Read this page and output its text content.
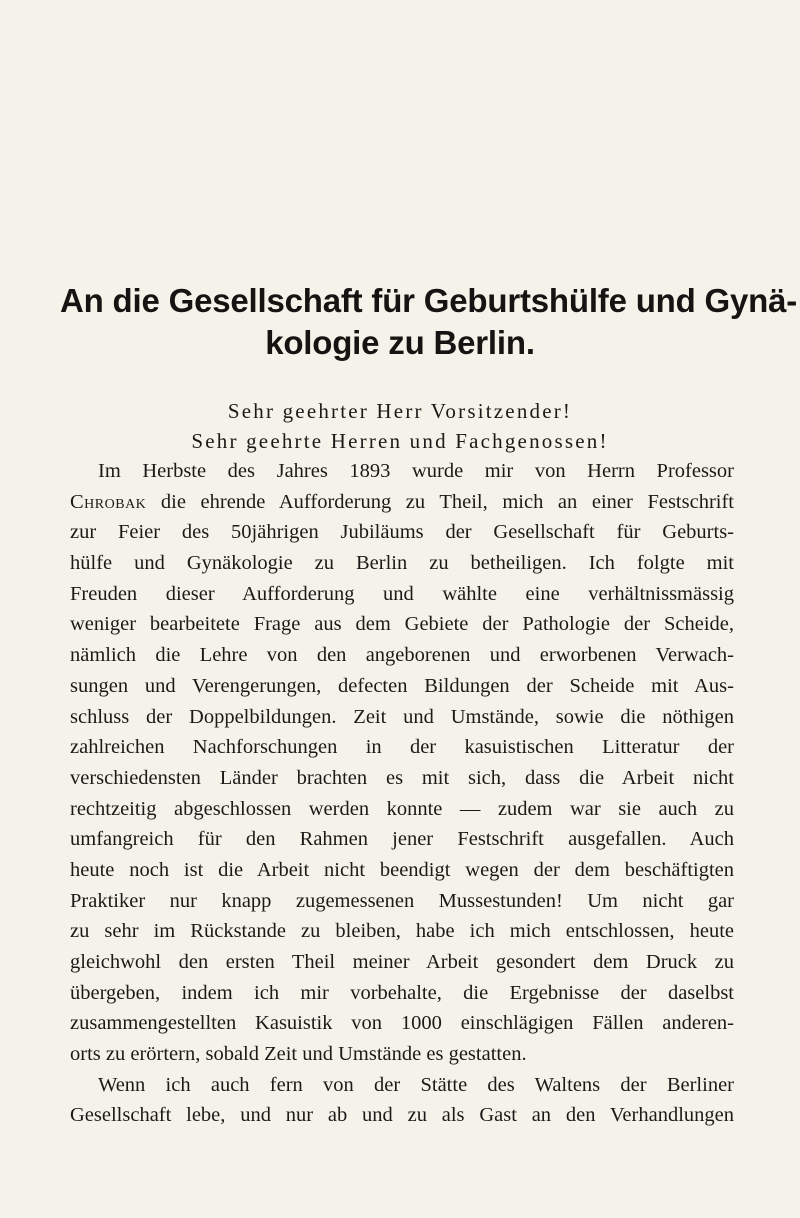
An die Gesellschaft für Geburtshülfe und Gynä-
kologie zu Berlin.
Sehr geehrter Herr Vorsitzender!
Sehr geehrte Herren und Fachgenossen!
Im Herbste des Jahres 1893 wurde mir von Herrn Professor
Chrobak die ehrende Aufforderung zu Theil, mich an einer Festschrift
zur Feier des 50jährigen Jubiläums der Gesellschaft für Geburts-
hülfe und Gynäkologie zu Berlin zu betheiligen. Ich folgte mit
Freuden dieser Aufforderung und wählte eine verhältnissmässig
weniger bearbeitete Frage aus dem Gebiete der Pathologie der Scheide,
nämlich die Lehre von den angeborenen und erworbenen Verwach-
sungen und Verengerungen, defecten Bildungen der Scheide mit Aus-
schluss der Doppelbildungen. Zeit und Umstände, sowie die nöthigen
zahlreichen Nachforschungen in der kasuistischen Litteratur der
verschiedensten Länder brachten es mit sich, dass die Arbeit nicht
rechtzeitig abgeschlossen werden konnte — zudem war sie auch zu
umfangreich für den Rahmen jener Festschrift ausgefallen. Auch
heute noch ist die Arbeit nicht beendigt wegen der dem beschäftigten
Praktiker nur knapp zugemessenen Mussestunden! Um nicht gar
zu sehr im Rückstande zu bleiben, habe ich mich entschlossen, heute
gleichwohl den ersten Theil meiner Arbeit gesondert dem Druck zu
übergeben, indem ich mir vorbehalte, die Ergebnisse der daselbst
zusammengestellten Kasuistik von 1000 einschlägigen Fällen anderen-
orts zu erörtern, sobald Zeit und Umstände es gestatten.
Wenn ich auch fern von der Stätte des Waltens der Berliner
Gesellschaft lebe, und nur ab und zu als Gast an den Verhandlungen
